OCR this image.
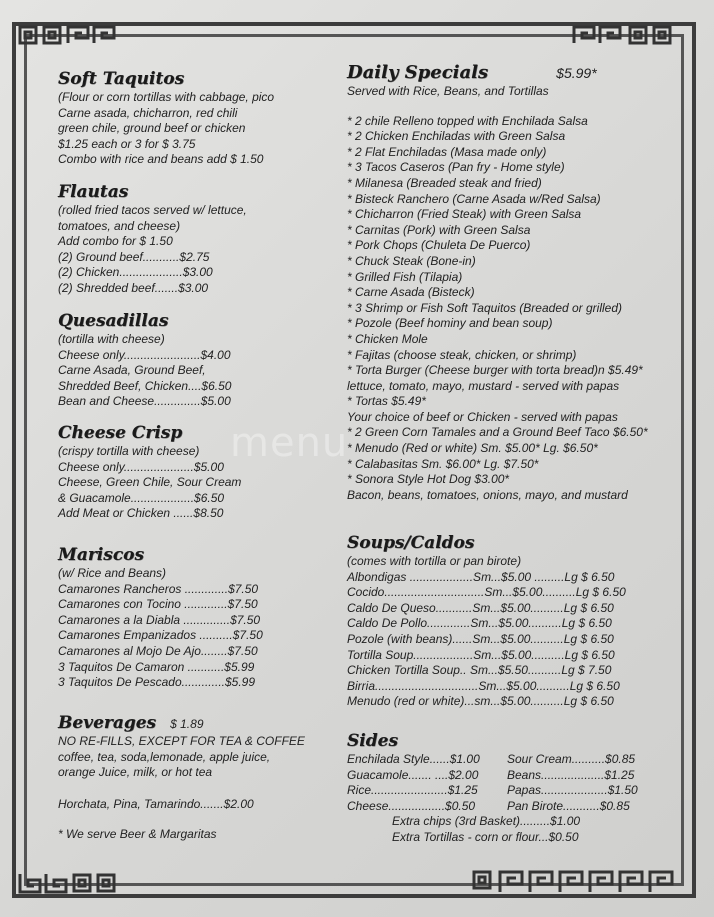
menu
Soft Taquitos
(Flour or corn tortillas with cabbage, pico
Carne asada, chicharron, red chili
green chile, ground beef or chicken
$1.25 each or 3 for $ 3.75
Combo with rice and beans add $ 1.50
Flautas
(rolled fried tacos served w/ lettuce,
tomatoes, and cheese)
Add combo for $ 1.50
(2) Ground beef...........$2.75
(2) Chicken...................$3.00
(2) Shredded beef.......$3.00
Quesadillas
(tortilla with cheese)
Cheese only.......................$4.00
Carne Asada, Ground Beef,
Shredded Beef, Chicken....$6.50
Bean and Cheese..............$5.00
Cheese Crisp
(crispy tortilla with cheese)
Cheese only.....................$5.00
Cheese, Green Chile, Sour Cream
& Guacamole...................$6.50
Add Meat or Chicken ......$8.50
Mariscos
(w/ Rice and Beans)
Camarones Rancheros .............$7.50
Camarones con Tocino .............$7.50
Camarones a la Diabla ..............$7.50
Camarones Empanizados ..........$7.50
Camarones al Mojo De Ajo........$7.50
3 Taquitos De Camaron ...........$5.99
3 Taquitos De Pescado.............$5.99
Beverages $ 1.89
NO RE-FILLS, EXCEPT FOR TEA & COFFEE
coffee, tea, soda,lemonade, apple juice,
orange Juice, milk, or hot tea
Horchata, Pina, Tamarindo.......$2.00
* We serve Beer & Margaritas
Daily Specials	$5.99*
Served with Rice, Beans, and Tortillas
* 2 chile Relleno topped with Enchilada Salsa
* 2 Chicken Enchiladas with Green Salsa
* 2 Flat Enchiladas (Masa made only)
* 3 Tacos Caseros (Pan fry - Home style)
* Milanesa (Breaded steak and fried)
* Bisteck Ranchero (Carne Asada w/Red Salsa)
* Chicharron (Fried Steak) with Green Salsa
* Carnitas (Pork) with Green Salsa
* Pork Chops (Chuleta De Puerco)
* Chuck Steak (Bone-in)
* Grilled Fish (Tilapia)
* Carne Asada (Bisteck)
* 3 Shrimp or Fish Soft Taquitos (Breaded or grilled)
* Pozole (Beef hominy and bean soup)
* Chicken Mole
* Fajitas (choose steak, chicken, or shrimp)
* Torta Burger (Cheese burger with torta bread)n $5.49*
lettuce, tomato, mayo, mustard - served with papas
* Tortas $5.49*
Your choice of beef or Chicken - served with papas
* 2 Green Corn Tamales and a Ground Beef Taco $6.50*
* Menudo (Red or white) Sm. $5.00* Lg. $6.50*
* Calabasitas Sm. $6.00* Lg. $7.50*
* Sonora Style Hot Dog $3.00*
Bacon, beans, tomatoes, onions, mayo, and mustard
Soups/Caldos
(comes with tortilla or pan birote)
Albondigas ...................Sm...$5.00 .........Lg $ 6.50
Cocido..............................Sm...$5.00..........Lg $ 6.50
Caldo De Queso...........Sm...$5.00..........Lg $ 6.50
Caldo De Pollo.............Sm...$5.00..........Lg $ 6.50
Pozole (with beans)......Sm...$5.00..........Lg $ 6.50
Tortilla Soup..................Sm...$5.00..........Lg $ 6.50
Chicken Tortilla Soup.. Sm...$5.50..........Lg $ 7.50
Birria...............................Sm...$5.00..........Lg $ 6.50
Menudo (red or white)...sm...$5.00..........Lg $ 6.50
Sides
Enchilada Style......$1.00
Guacamole....... ....$2.00
Rice.......................$1.25
Cheese.................$0.50
Sour Cream..........$0.85
Beans...................$1.25
Papas....................$1.50
Pan Birote...........$0.85
Extra chips (3rd Basket).........$1.00
Extra Tortillas - corn or flour...$0.50
